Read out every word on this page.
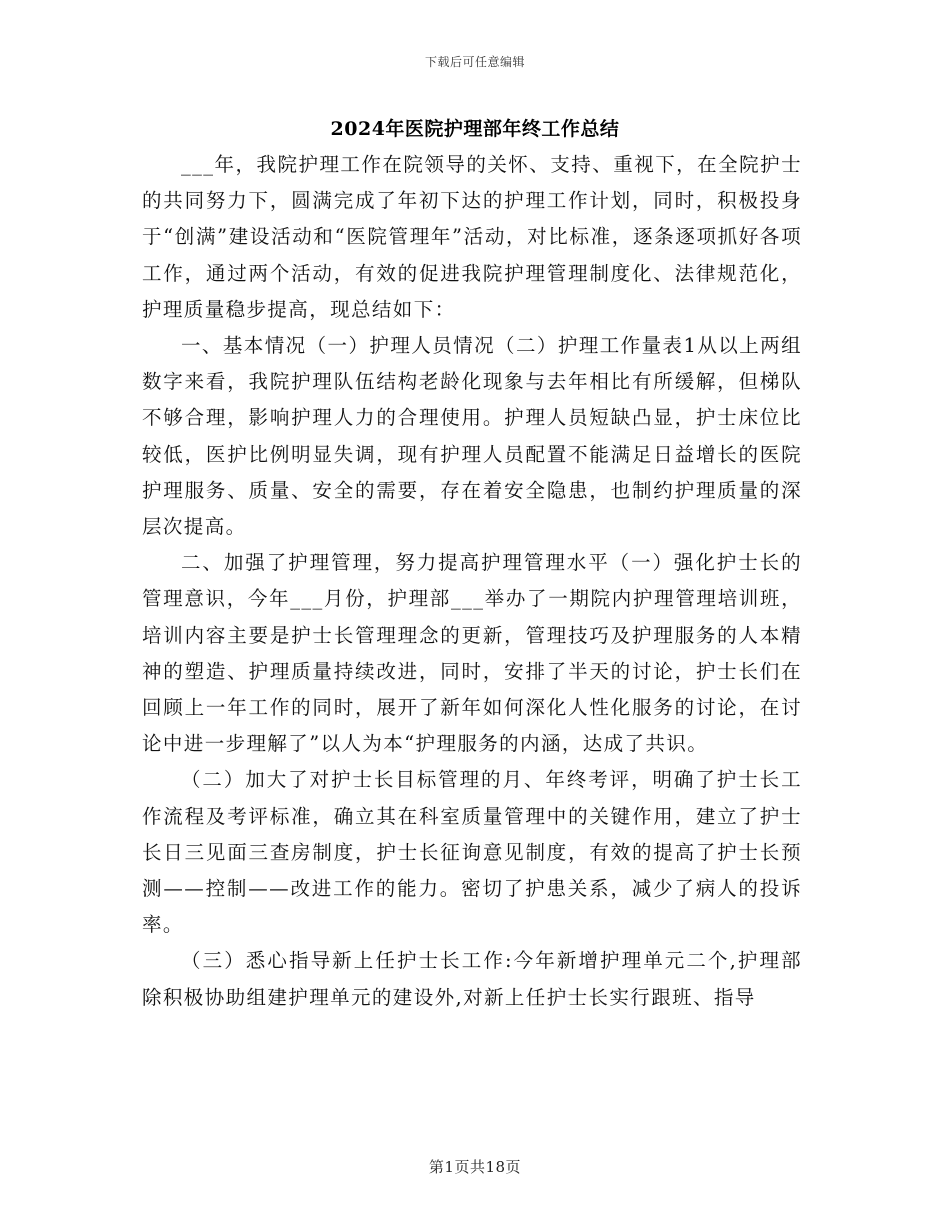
下载后可任意编辑
2024年医院护理部年终工作总结

___年，我院护理工作在院领导的关怀、支持、重视下，在全院护士的共同努力下，圆满完成了年初下达的护理工作计划，同时，积极投身于“创满”建设活动和“医院管理年”活动，对比标准，逐条逐项抓好各项工作，通过两个活动，有效的促进我院护理管理制度化、法律规范化，护理质量稳步提高，现总结如下：

一、基本情况（一）护理人员情况（二）护理工作量表1从以上两组数字来看，我院护理队伍结构老龄化现象与去年相比有所缓解，但梯队不够合理，影响护理人力的合理使用。护理人员短缺凸显，护士床位比较低，医护比例明显失调，现有护理人员配置不能满足日益增长的医院护理服务、质量、安全的需要，存在着安全隐患，也制约护理质量的深层次提高。

二、加强了护理管理，努力提高护理管理水平（一）强化护士长的管理意识，今年___月份，护理部___举办了一期院内护理管理培训班，培训内容主要是护士长管理理念的更新，管理技巧及护理服务的人本精神的塑造、护理质量持续改进，同时，安排了半天的讨论，护士长们在回顾上一年工作的同时，展开了新年如何深化人性化服务的讨论，在讨论中进一步理解了”以人为本“护理服务的内涵，达成了共识。

（二）加大了对护士长目标管理的月、年终考评，明确了护士长工作流程及考评标准，确立其在科室质量管理中的关键作用，建立了护士长日三见面三查房制度，护士长征询意见制度，有效的提高了护士长预测——控制——改进工作的能力。密切了护患关系，减少了病人的投诉率。

（三）悉心指导新上任护士长工作:今年新增护理单元二个,护理部除积极协助组建护理单元的建设外,对新上任护士长实行跟班、指导

第1页共18页
